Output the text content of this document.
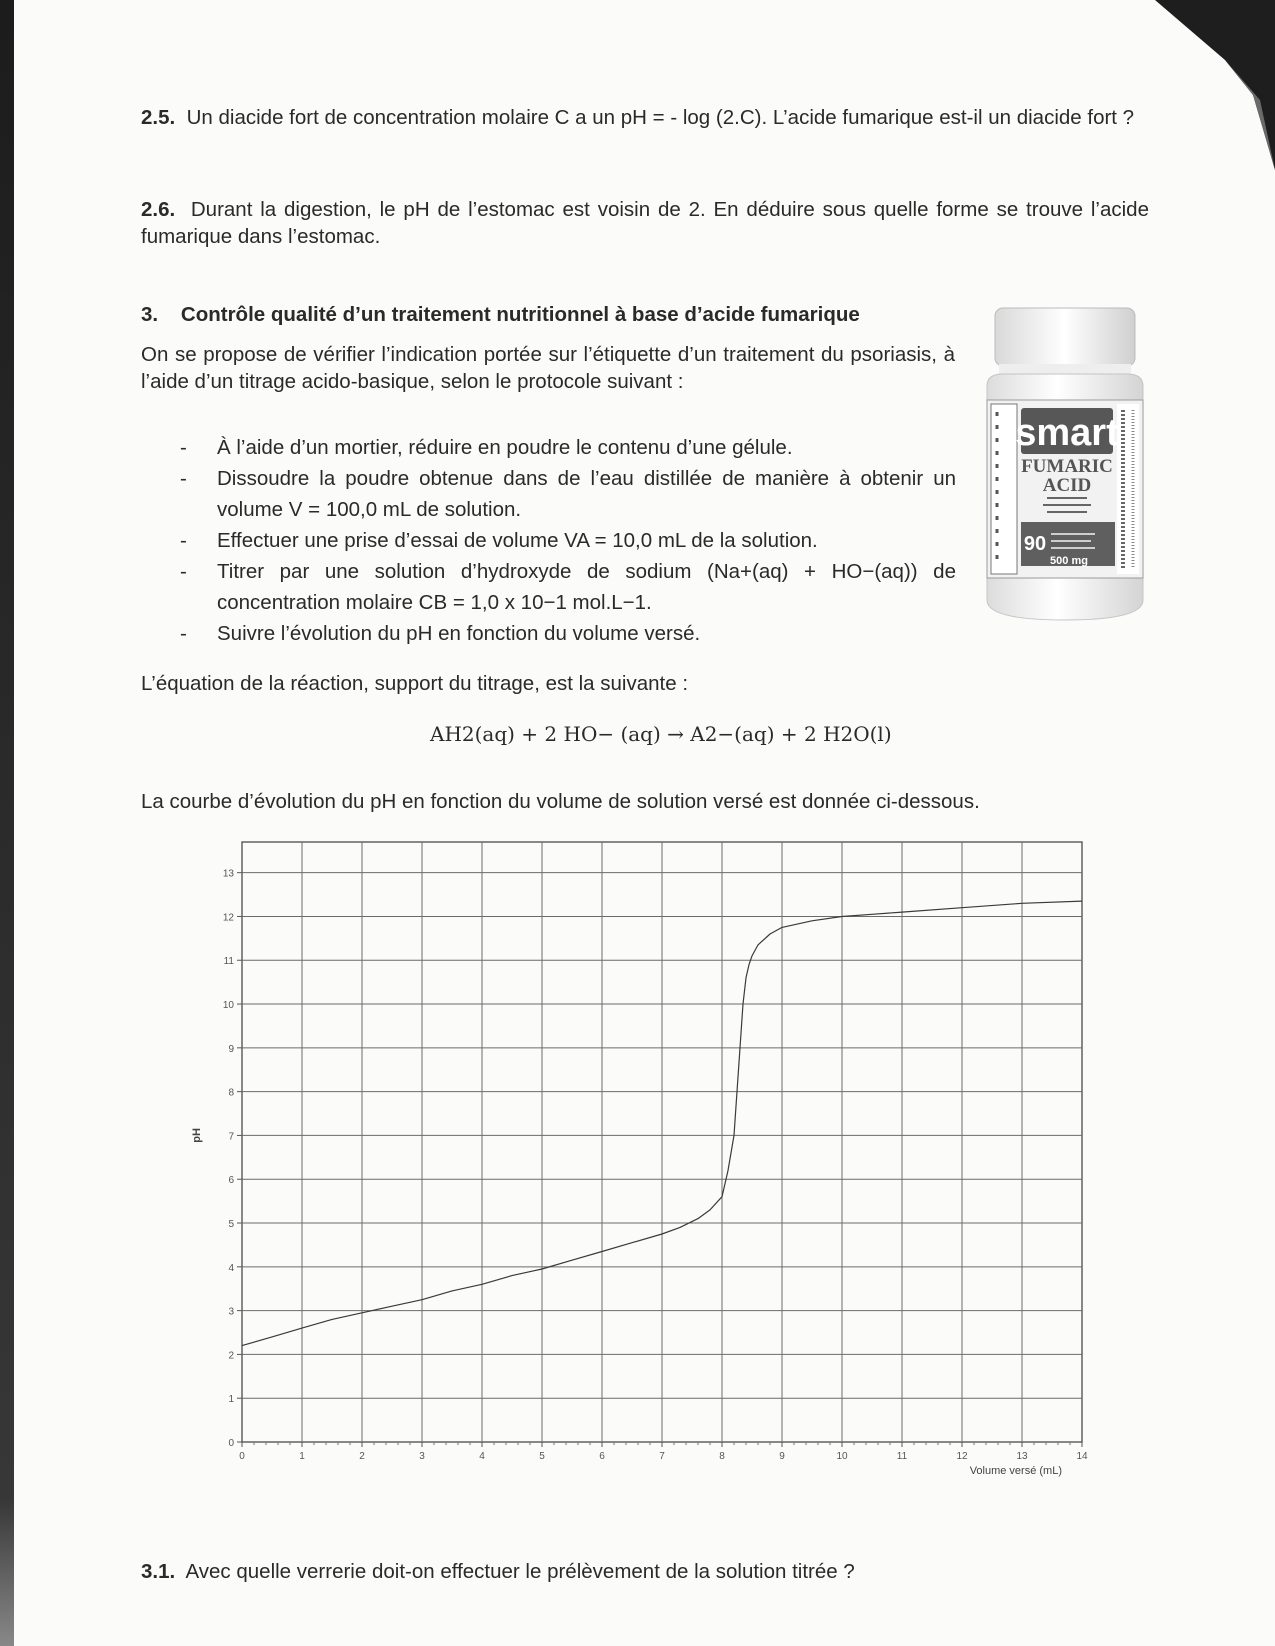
2.5. Un diacide fort de concentration molaire C a un pH = - log (2.C). L’acide fumarique est-il un diacide fort ?
2.6. Durant la digestion, le pH de l’estomac est voisin de 2. En déduire sous quelle forme se trouve l’acide fumarique dans l’estomac.
3. Contrôle qualité d’un traitement nutritionnel à base d’acide fumarique
On se propose de vérifier l’indication portée sur l’étiquette d’un traitement du psoriasis, à l’aide d’un titrage acido-basique, selon le protocole suivant :
- À l’aide d’un mortier, réduire en poudre le contenu d’une gélule.
- Dissoudre la poudre obtenue dans de l’eau distillée de manière à obtenir un volume V = 100,0 mL de solution.
- Effectuer une prise d’essai de volume VA = 10,0 mL de la solution.
- Titrer par une solution d’hydroxyde de sodium (Na+(aq) + HO−(aq)) de concentration molaire CB = 1,0 x 10−1 mol.L−1.
- Suivre l’évolution du pH en fonction du volume versé.
smart
FUMARIC
ACID
90
500 mg
L’équation de la réaction, support du titrage, est la suivante :
AH2(aq) + 2 HO− (aq) → A2−(aq) + 2 H2O(l)
La courbe d’évolution du pH en fonction du volume de solution versé est donnée ci-dessous.
0	1	2	3	4	5	6	7	8	9	10	11	12	13	14
0
1
2
3
4
5
6
7
8
9
10
11
12
13
Volume versé (mL)
pH
3.1. Avec quelle verrerie doit-on effectuer le prélèvement de la solution titrée ?
